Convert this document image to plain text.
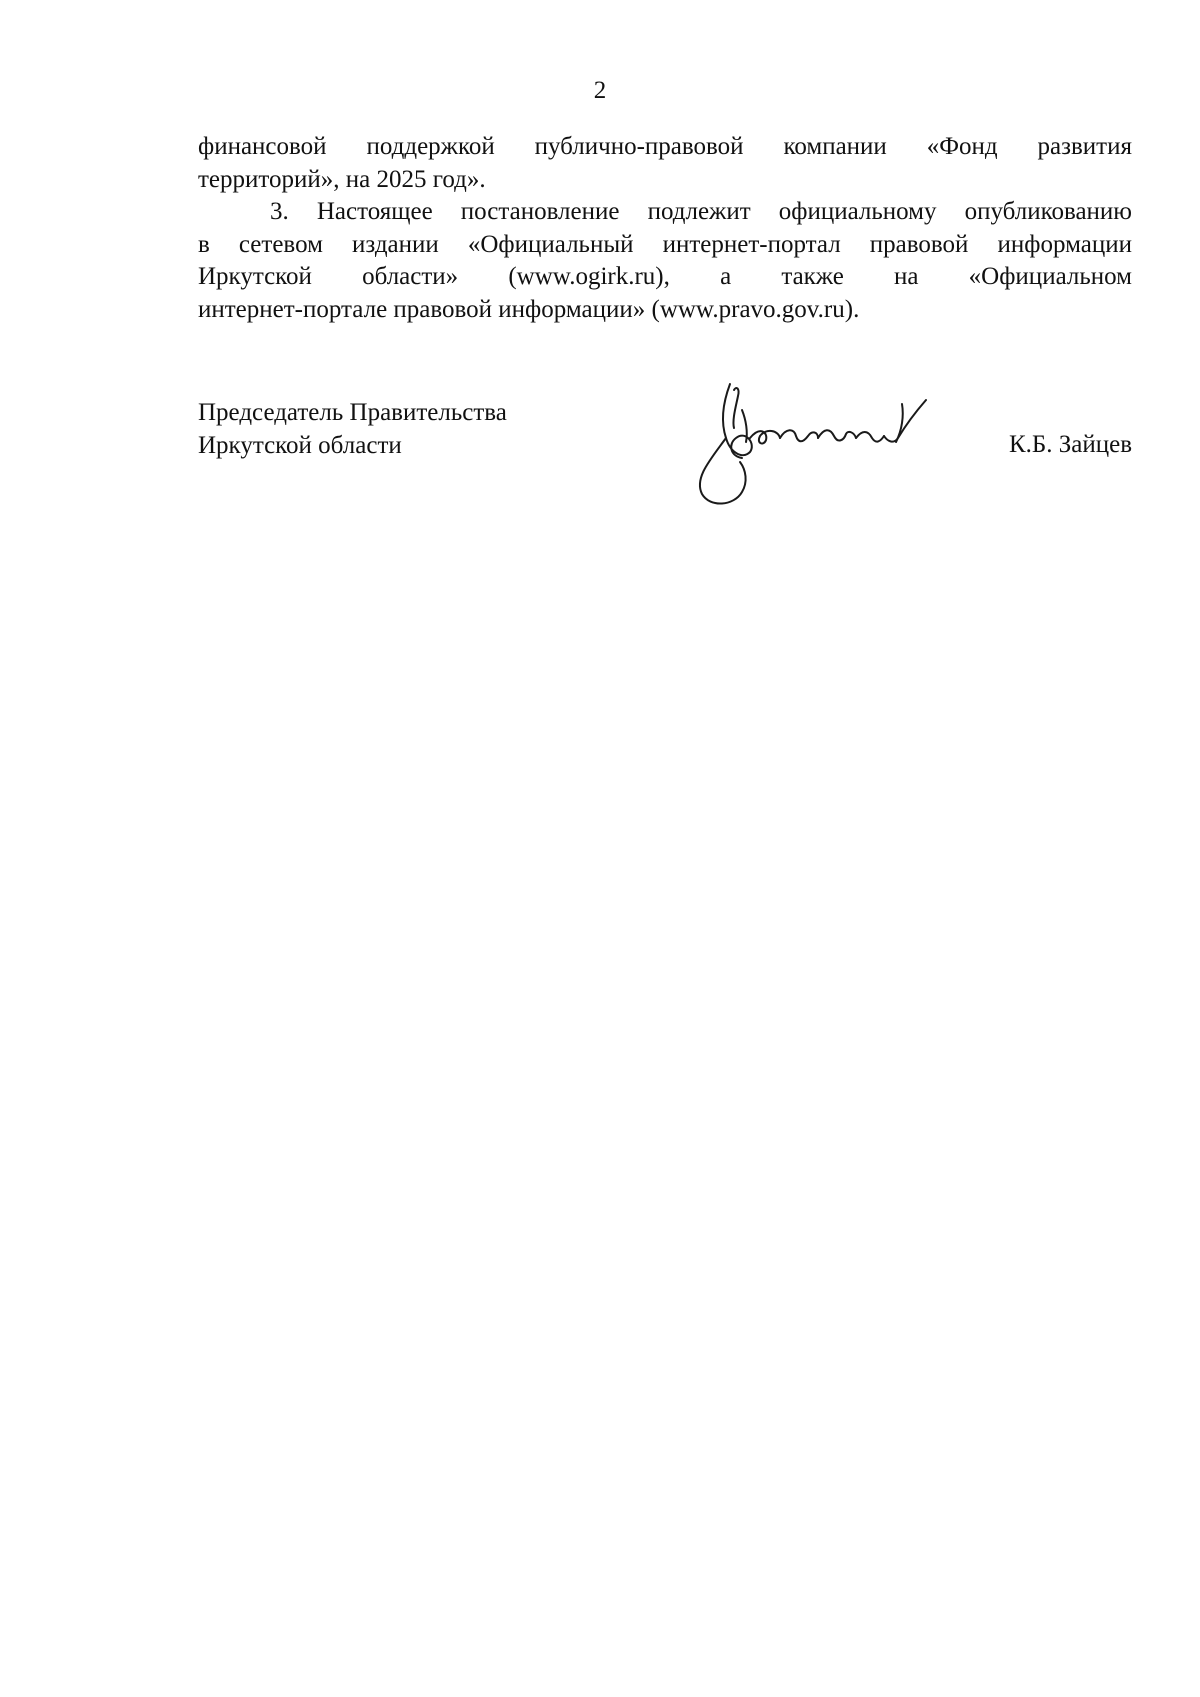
2

финансовой поддержкой публично-правовой компании «Фонд развития
территорий», на 2025 год».

3. Настоящее постановление подлежит официальному опубликованию
в сетевом издании «Официальный интернет-портал правовой информации
Иркутской области» (www.ogirk.ru), а также на «Официальном
интернет-портале правовой информации» (www.pravo.gov.ru).

Председатель Правительства
Иркутской области	К.Б. Зайцев
